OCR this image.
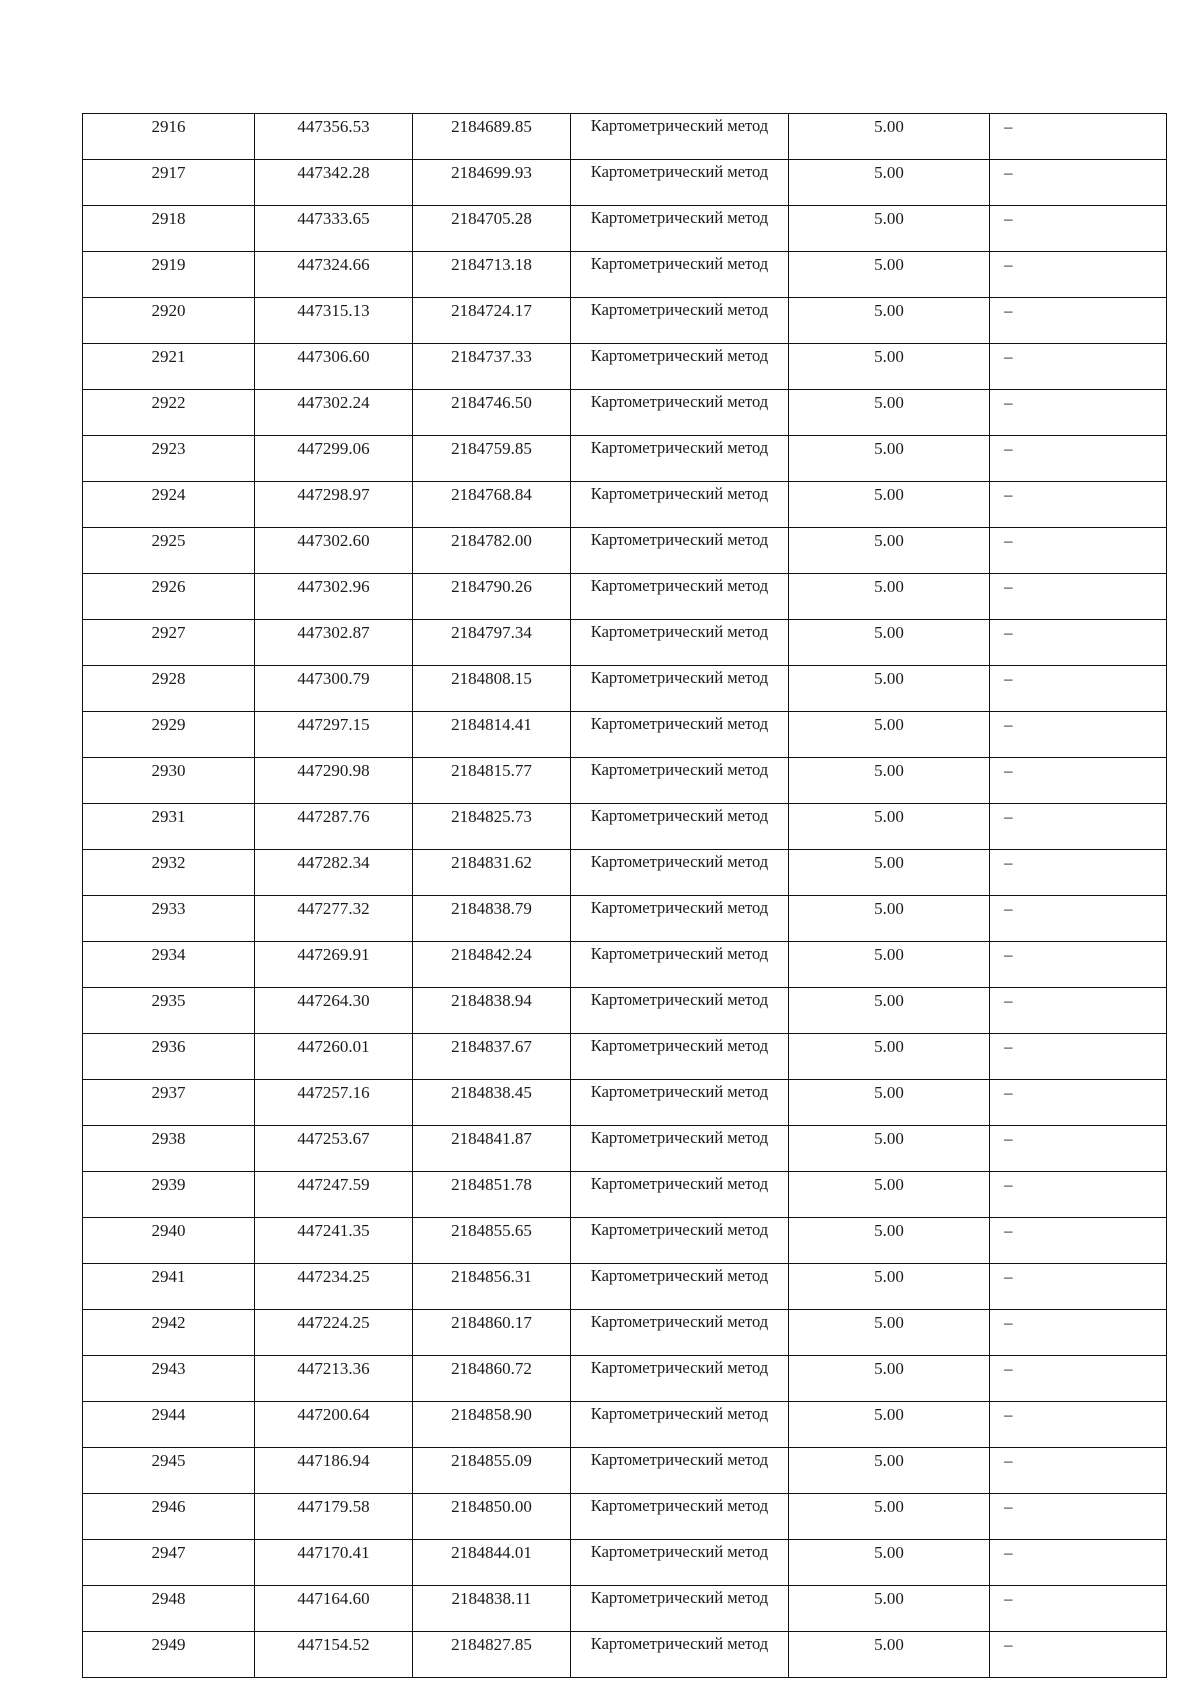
2916	447356.53	2184689.85	Картометрический метод	5.00	–
2917	447342.28	2184699.93	Картометрический метод	5.00	–
2918	447333.65	2184705.28	Картометрический метод	5.00	–
2919	447324.66	2184713.18	Картометрический метод	5.00	–
2920	447315.13	2184724.17	Картометрический метод	5.00	–
2921	447306.60	2184737.33	Картометрический метод	5.00	–
2922	447302.24	2184746.50	Картометрический метод	5.00	–
2923	447299.06	2184759.85	Картометрический метод	5.00	–
2924	447298.97	2184768.84	Картометрический метод	5.00	–
2925	447302.60	2184782.00	Картометрический метод	5.00	–
2926	447302.96	2184790.26	Картометрический метод	5.00	–
2927	447302.87	2184797.34	Картометрический метод	5.00	–
2928	447300.79	2184808.15	Картометрический метод	5.00	–
2929	447297.15	2184814.41	Картометрический метод	5.00	–
2930	447290.98	2184815.77	Картометрический метод	5.00	–
2931	447287.76	2184825.73	Картометрический метод	5.00	–
2932	447282.34	2184831.62	Картометрический метод	5.00	–
2933	447277.32	2184838.79	Картометрический метод	5.00	–
2934	447269.91	2184842.24	Картометрический метод	5.00	–
2935	447264.30	2184838.94	Картометрический метод	5.00	–
2936	447260.01	2184837.67	Картометрический метод	5.00	–
2937	447257.16	2184838.45	Картометрический метод	5.00	–
2938	447253.67	2184841.87	Картометрический метод	5.00	–
2939	447247.59	2184851.78	Картометрический метод	5.00	–
2940	447241.35	2184855.65	Картометрический метод	5.00	–
2941	447234.25	2184856.31	Картометрический метод	5.00	–
2942	447224.25	2184860.17	Картометрический метод	5.00	–
2943	447213.36	2184860.72	Картометрический метод	5.00	–
2944	447200.64	2184858.90	Картометрический метод	5.00	–
2945	447186.94	2184855.09	Картометрический метод	5.00	–
2946	447179.58	2184850.00	Картометрический метод	5.00	–
2947	447170.41	2184844.01	Картометрический метод	5.00	–
2948	447164.60	2184838.11	Картометрический метод	5.00	–
2949	447154.52	2184827.85	Картометрический метод	5.00	–
